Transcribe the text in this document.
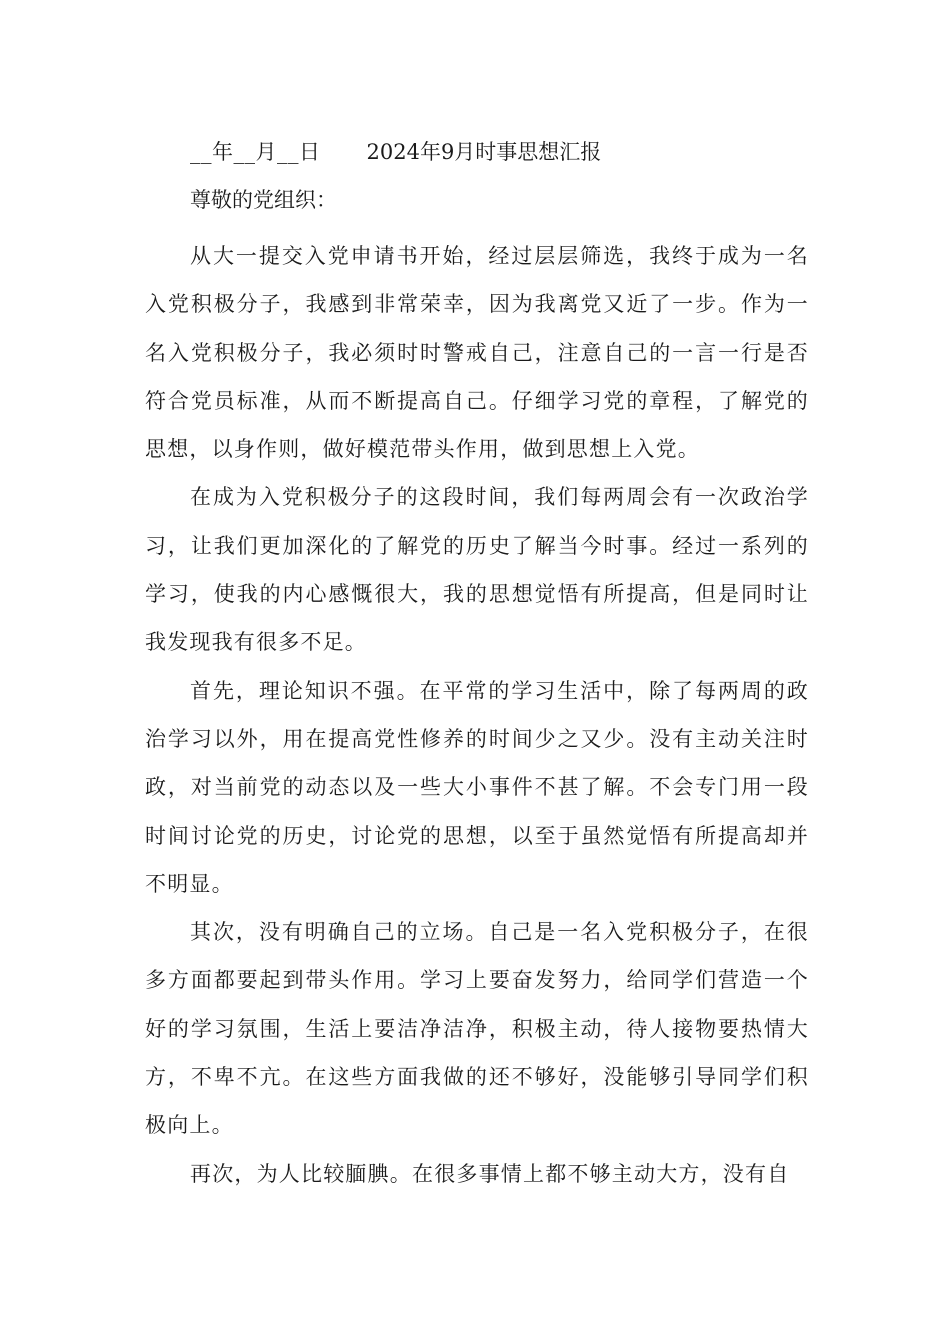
__年__月__日 2024年9月时事思想汇报
尊敬的党组织：

从大一提交入党申请书开始，经过层层筛选，我终于成为一名入党积极分子，我感到非常荣幸，因为我离党又近了一步。作为一名入党积极分子，我必须时时警戒自己，注意自己的一言一行是否符合党员标准，从而不断提高自己。仔细学习党的章程，了解党的思想，以身作则，做好模范带头作用，做到思想上入党。

在成为入党积极分子的这段时间，我们每两周会有一次政治学习，让我们更加深化的了解党的历史了解当今时事。经过一系列的学习，使我的内心感慨很大，我的思想觉悟有所提高，但是同时让我发现我有很多不足。

首先，理论知识不强。在平常的学习生活中，除了每两周的政治学习以外，用在提高党性修养的时间少之又少。没有主动关注时政，对当前党的动态以及一些大小事件不甚了解。不会专门用一段时间讨论党的历史，讨论党的思想，以至于虽然觉悟有所提高却并不明显。

其次，没有明确自己的立场。自己是一名入党积极分子，在很多方面都要起到带头作用。学习上要奋发努力，给同学们营造一个好的学习氛围，生活上要洁净洁净，积极主动，待人接物要热情大方，不卑不亢。在这些方面我做的还不够好，没能够引导同学们积极向上。

再次，为人比较腼腆。在很多事情上都不够主动大方，没有自
